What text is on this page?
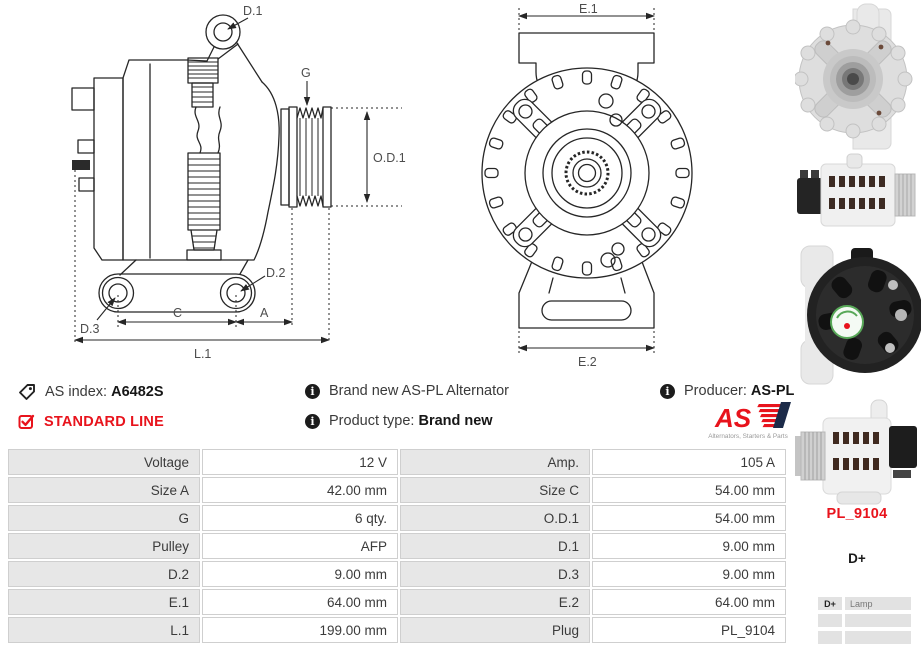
D.1
G
O.D.1
D.2
D.3
C	A
L.1
E.1
E.2
AS index: A6482S
STANDARD LINE
i Brand new AS-PL Alternator
i Product type: Brand new
i Producer: AS-PL
AS
Alternators, Starters & Parts
Voltage	12 V	Amp.	105 A
Size A	42.00 mm	Size C	54.00 mm
G	6 qty.	O.D.1	54.00 mm
Pulley	AFP	D.1	9.00 mm
D.2	9.00 mm	D.3	9.00 mm
E.1	64.00 mm	E.2	64.00 mm
L.1	199.00 mm	Plug	PL_9104
PL_9104
D+
D+	Lamp
